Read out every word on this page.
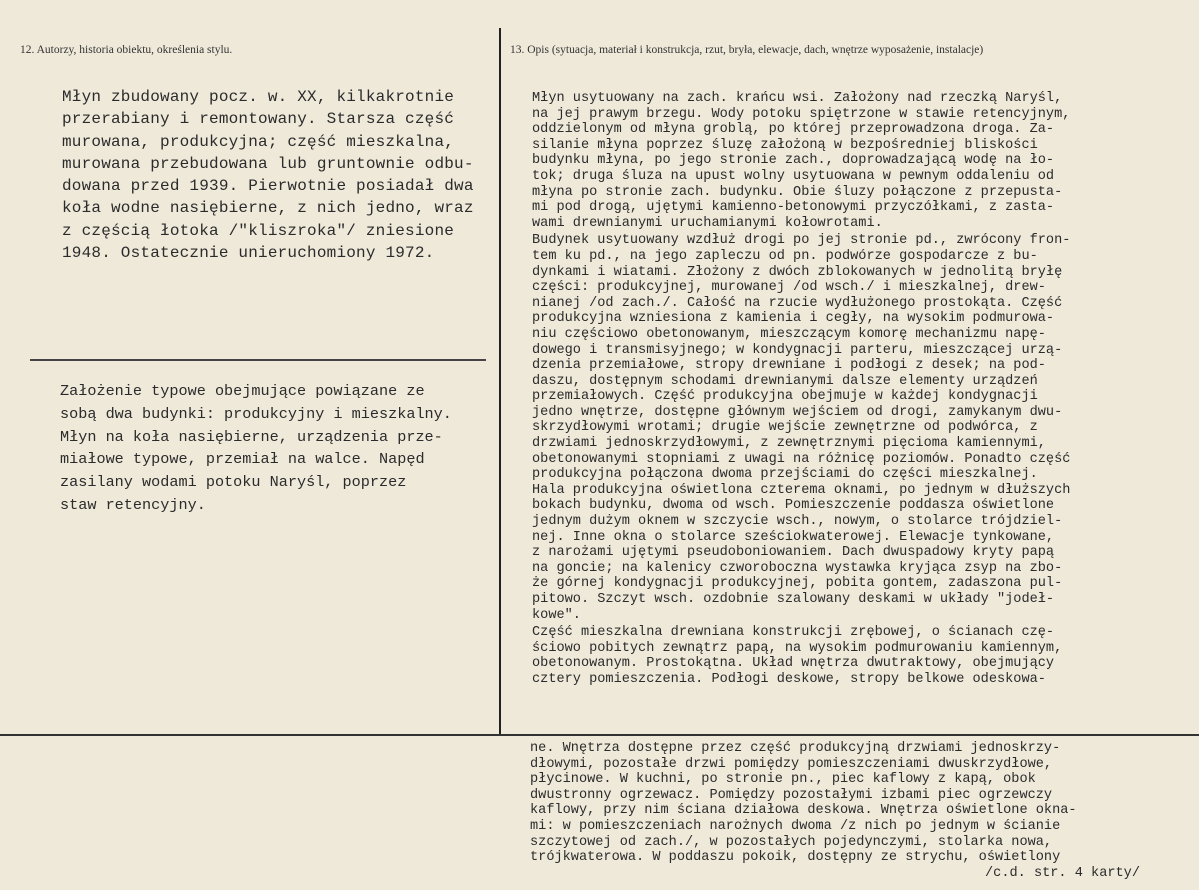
12. Autorzy, historia obiektu, określenia stylu.	13. Opis (sytuacja, materiał i konstrukcja, rzut, bryła, elewacje, dach, wnętrze wyposażenie, instalacje)
Młyn zbudowany pocz. w. XX, kilkakrotnie
przerabiany i remontowany. Starsza część
murowana, produkcyjna; część mieszkalna,
murowana przebudowana lub gruntownie odbu-
dowana przed 1939. Pierwotnie posiadał dwa
koła wodne nasiębierne, z nich jedno, wraz
z częścią łotoka /"kliszroka"/ zniesione
1948. Ostatecznie unieruchomiony 1972.
Założenie typowe obejmujące powiązane ze
sobą dwa budynki: produkcyjny i mieszkalny.
Młyn na koła nasiębierne, urządzenia prze-
miałowe typowe, przemiał na walce. Napęd
zasilany wodami potoku Naryśl, poprzez
staw retencyjny.
Młyn usytuowany na zach. krańcu wsi. Założony nad rzeczką Naryśl,
na jej prawym brzegu. Wody potoku spiętrzone w stawie retencyjnym,
oddzielonym od młyna groblą, po której przeprowadzona droga. Za-
silanie młyna poprzez śluzę założoną w bezpośredniej bliskości
budynku młyna, po jego stronie zach., doprowadzającą wodę na ło-
tok; druga śluza na upust wolny usytuowana w pewnym oddaleniu od
młyna po stronie zach. budynku. Obie śluzy połączone z przepusta-
mi pod drogą, ujętymi kamienno-betonowymi przyczółkami, z zasta-
wami drewnianymi uruchamianymi kołowrotami.
Budynek usytuowany wzdłuż drogi po jej stronie pd., zwrócony fron-
tem ku pd., na jego zapleczu od pn. podwórze gospodarcze z bu-
dynkami i wiatami. Złożony z dwóch zblokowanych w jednolitą bryłę
części: produkcyjnej, murowanej /od wsch./ i mieszkalnej, drew-
nianej /od zach./. Całość na rzucie wydłużonego prostokąta. Część
produkcyjna wzniesiona z kamienia i cegły, na wysokim podmurowa-
niu częściowo obetonowanym, mieszczącym komorę mechanizmu napę-
dowego i transmisyjnego; w kondygnacji parteru, mieszczącej urzą-
dzenia przemiałowe, stropy drewniane i podłogi z desek; na pod-
daszu, dostępnym schodami drewnianymi dalsze elementy urządzeń
przemiałowych. Część produkcyjna obejmuje w każdej kondygnacji
jedno wnętrze, dostępne głównym wejściem od drogi, zamykanym dwu-
skrzydłowymi wrotami; drugie wejście zewnętrzne od podwórca, z
drzwiami jednoskrzydłowymi, z zewnętrznymi pięcioma kamiennymi,
obetonowanymi stopniami z uwagi na różnicę poziomów. Ponadto część
produkcyjna połączona dwoma przejściami do części mieszkalnej.
Hala produkcyjna oświetlona czterema oknami, po jednym w dłuższych
bokach budynku, dwoma od wsch. Pomieszczenie poddasza oświetlone
jednym dużym oknem w szczycie wsch., nowym, o stolarce trójdziel-
nej. Inne okna o stolarce sześciokwaterowej. Elewacje tynkowane,
z narożami ujętymi pseudoboniowaniem. Dach dwuspadowy kryty papą
na goncie; na kalenicy czworoboczna wystawka kryjąca zsyp na zbo-
że górnej kondygnacji produkcyjnej, pobita gontem, zadaszona pul-
pitowo. Szczyt wsch. ozdobnie szalowany deskami w układy "jodeł-
kowe".
Część mieszkalna drewniana konstrukcji zrębowej, o ścianach czę-
ściowo pobitych zewnątrz papą, na wysokim podmurowaniu kamiennym,
obetonowanym. Prostokątna. Układ wnętrza dwutraktowy, obejmujący
cztery pomieszczenia. Podłogi deskowe, stropy belkowe odeskowa-
ne. Wnętrza dostępne przez część produkcyjną drzwiami jednoskrzy-
dłowymi, pozostałe drzwi pomiędzy pomieszczeniami dwuskrzydłowe,
płycinowe. W kuchni, po stronie pn., piec kaflowy z kapą, obok
dwustronny ogrzewacz. Pomiędzy pozostałymi izbami piec ogrzewczy
kaflowy, przy nim ściana działowa deskowa. Wnętrza oświetlone okna-
mi: w pomieszczeniach narożnych dwoma /z nich po jednym w ścianie
szczytowej od zach./, w pozostałych pojedynczymi, stolarka nowa,
trójkwaterowa. W poddaszu pokoik, dostępny ze strychu, oświetlony
/c.d. str. 4 karty/
